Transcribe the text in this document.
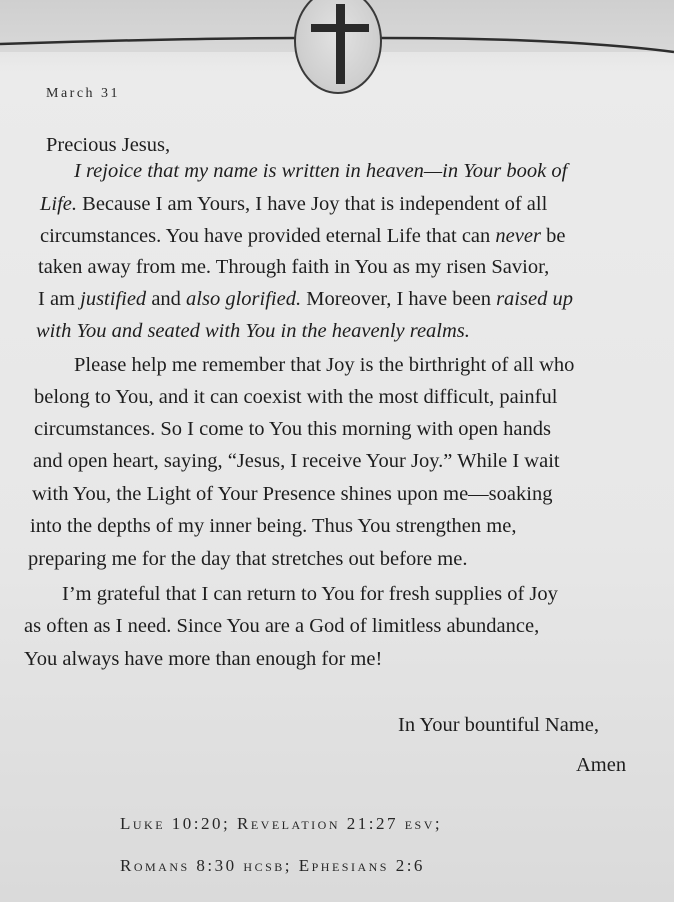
March 31
Precious Jesus,
I rejoice that my name is written in heaven—in Your book of
Life. Because I am Yours, I have Joy that is independent of all
circumstances. You have provided eternal Life that can never be
taken away from me. Through faith in You as my risen Savior,
I am justified and also glorified. Moreover, I have been raised up
with You and seated with You in the heavenly realms.
Please help me remember that Joy is the birthright of all who
belong to You, and it can coexist with the most difficult, painful
circumstances. So I come to You this morning with open hands
and open heart, saying, “Jesus, I receive Your Joy.” While I wait
with You, the Light of Your Presence shines upon me—soaking
into the depths of my inner being. Thus You strengthen me,
preparing me for the day that stretches out before me.
I’m grateful that I can return to You for fresh supplies of Joy
as often as I need. Since You are a God of limitless abundance,
You always have more than enough for me!
In Your bountiful Name,
Amen
Luke 10:20; Revelation 21:27 esv;
Romans 8:30 hcsb; Ephesians 2:6
